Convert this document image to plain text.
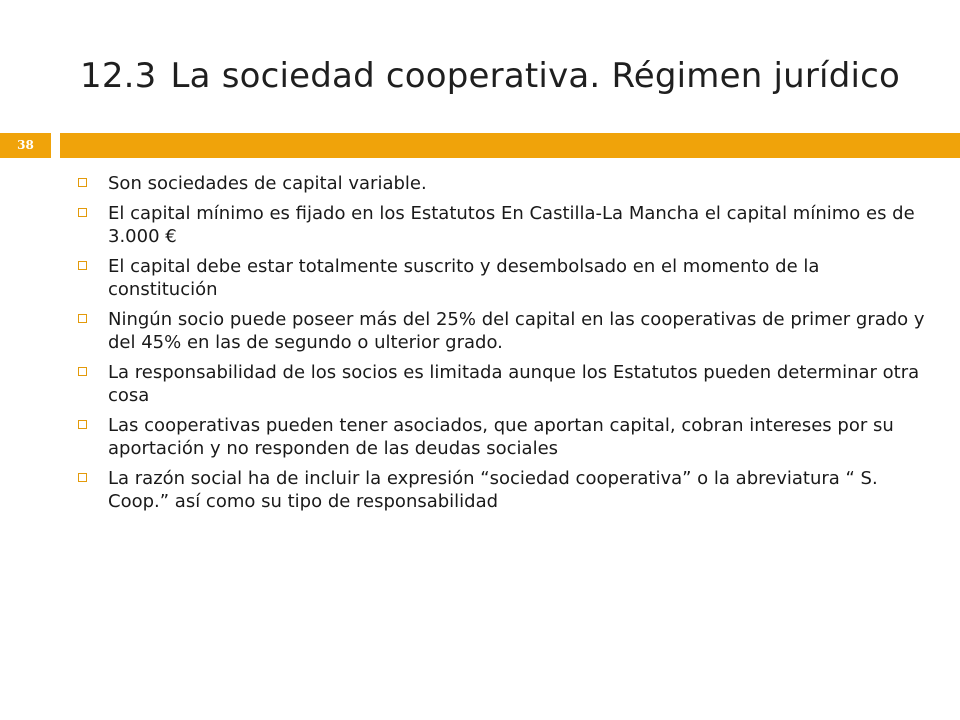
12.3 La sociedad cooperativa. Régimen jurídico
38
Son sociedades de capital variable.
El capital mínimo es fijado en los Estatutos En Castilla-La Mancha el capital mínimo es de 3.000 €
El capital debe estar totalmente suscrito y desembolsado en el momento de la constitución
Ningún socio puede poseer más del 25% del capital en las cooperativas de primer grado y del 45% en las de segundo o ulterior grado.
La responsabilidad de los socios es limitada aunque los Estatutos pueden determinar otra cosa
Las cooperativas pueden tener asociados, que aportan capital, cobran intereses por su aportación y no responden de las deudas sociales
La razón social ha de incluir la expresión “sociedad cooperativa” o la abreviatura “ S. Coop.” así como su tipo de responsabilidad
